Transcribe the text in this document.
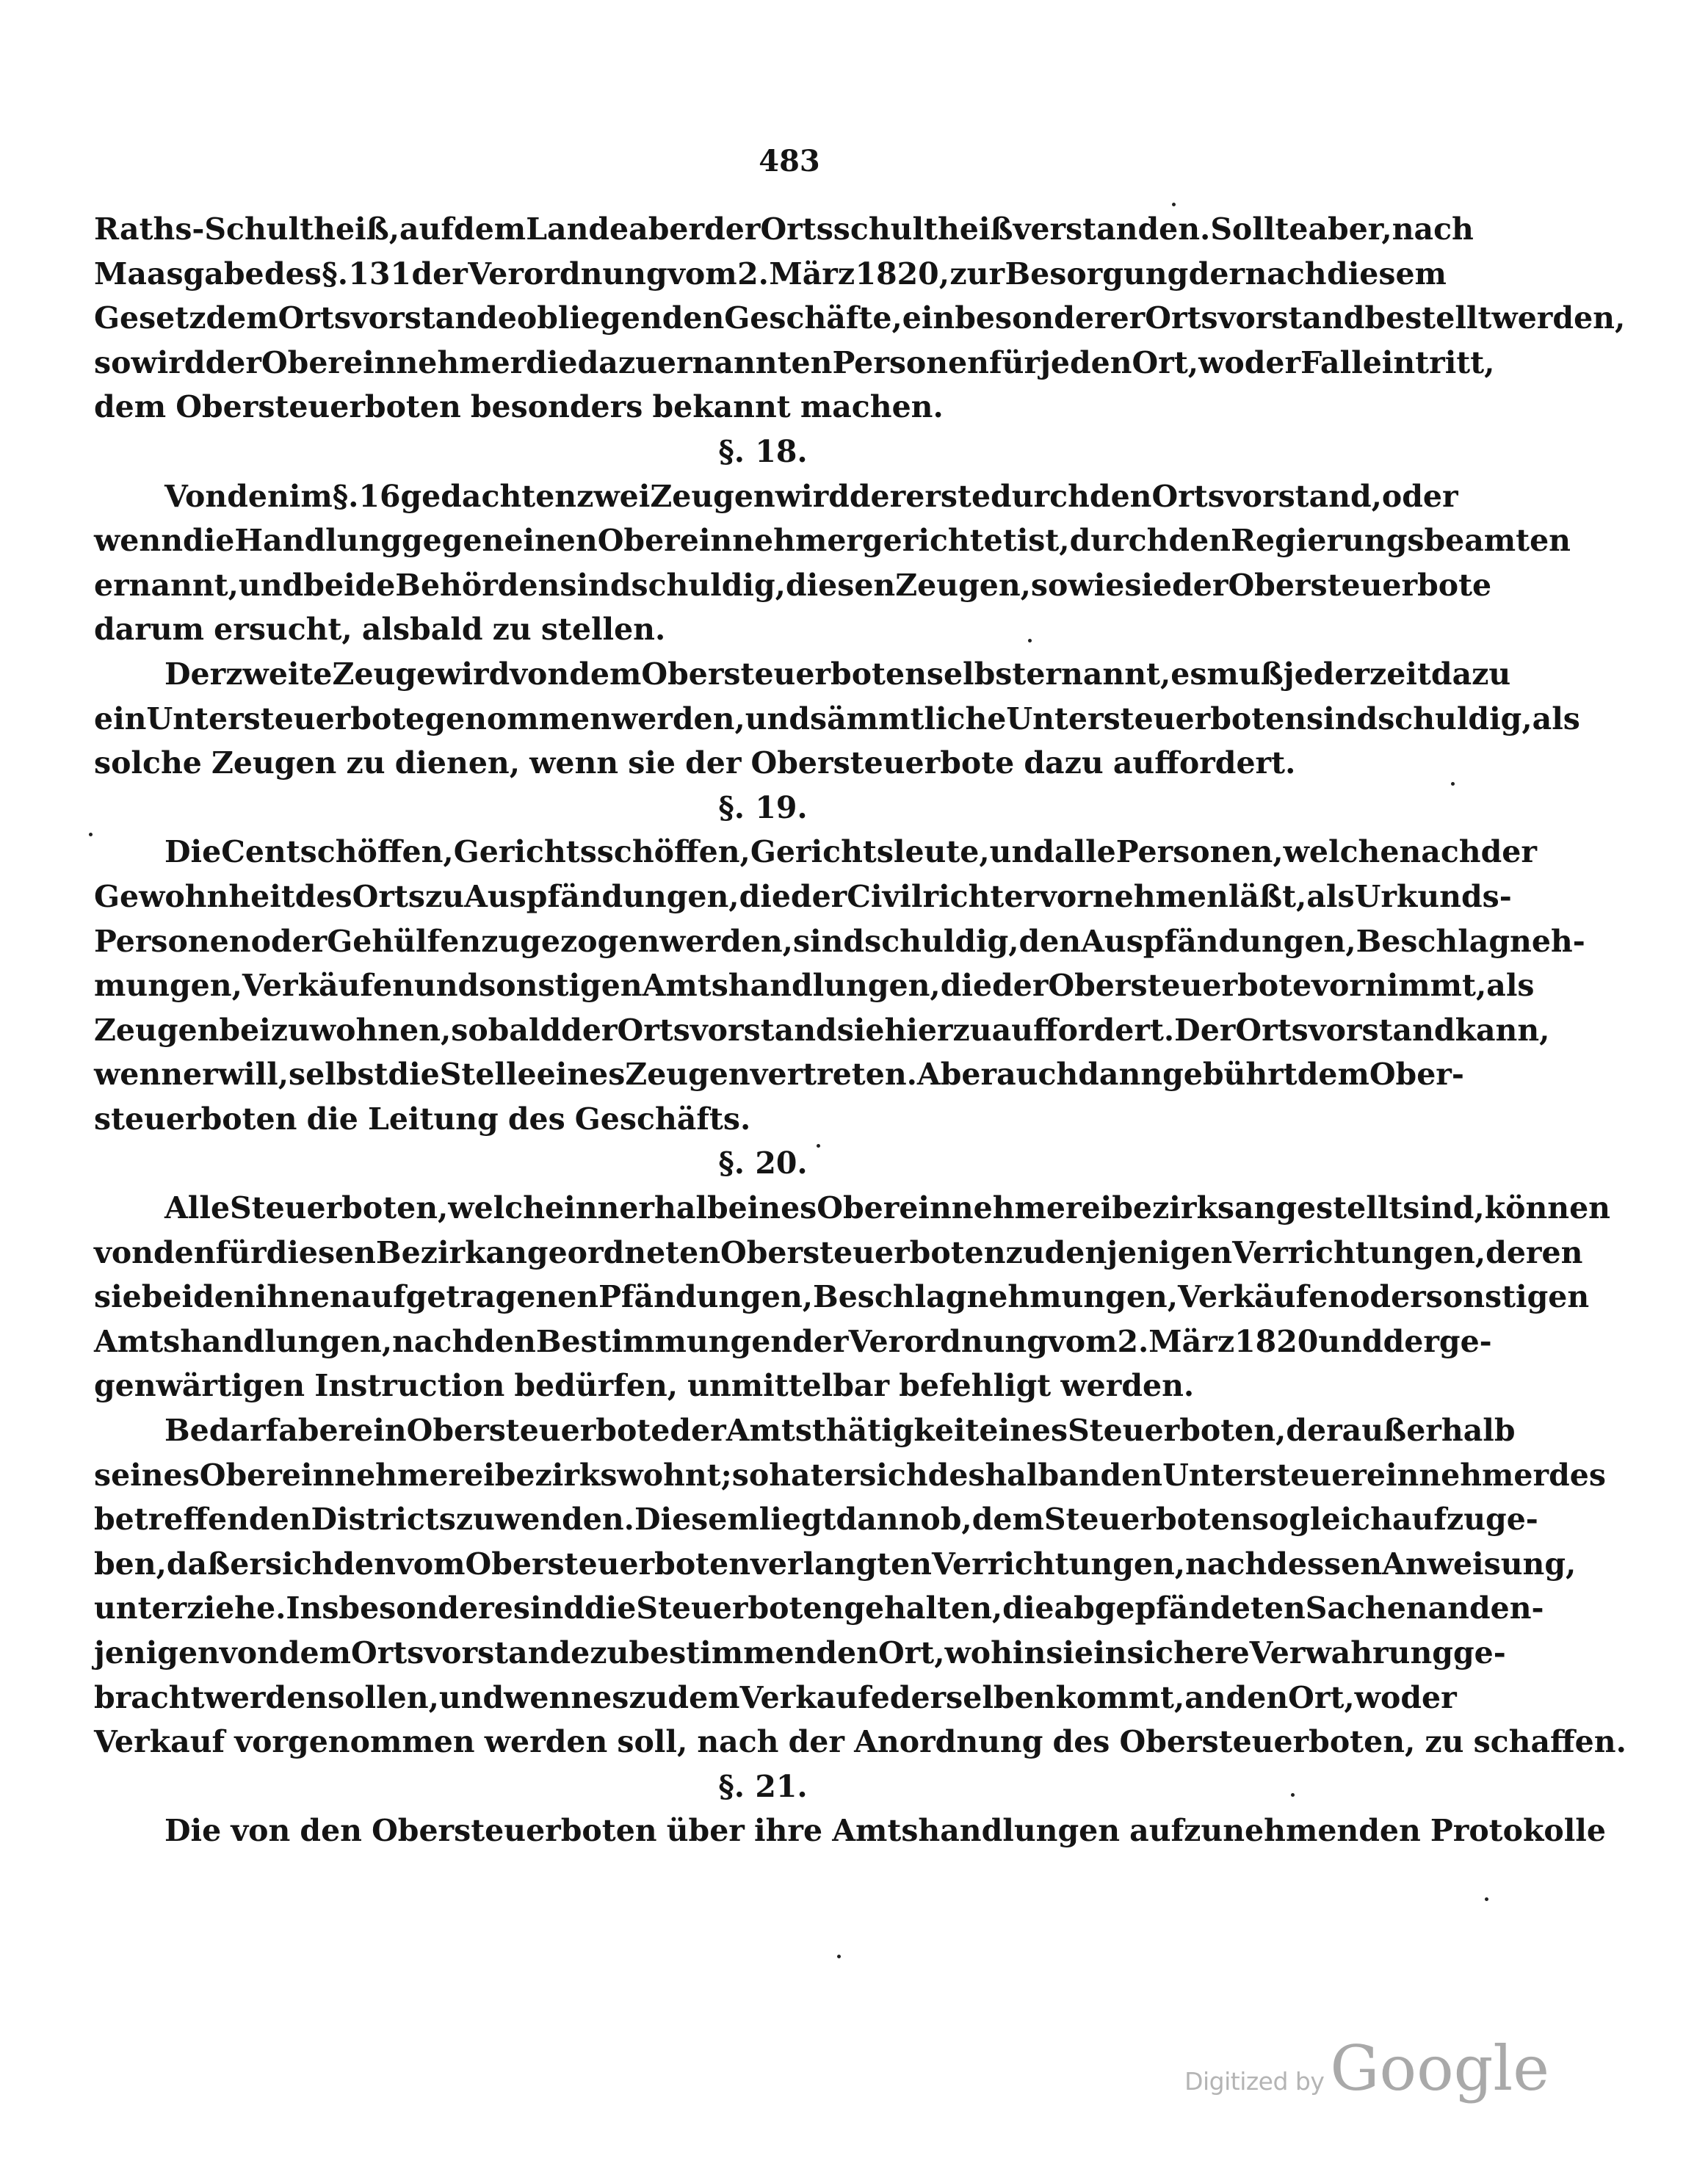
483
Raths-Schultheiß, auf dem Lande aber der Ortsschultheiß verstanden. Sollte aber, nach
Maasgabe des §. 131 der Verordnung vom 2. März 1820, zur Besorgung der nach diesem
Gesetz dem Ortsvorstande obliegenden Geschäfte, ein besonderer Ortsvorstand bestellt werden,
so wird der Obereinnehmer die dazu ernannten Personen für jeden Ort, wo der Fall eintritt,
dem Obersteuerboten besonders bekannt machen.
§. 18.
Von den im §. 16 gedachten zwei Zeugen wird der erste durch den Ortsvorstand, oder
wenn die Handlung gegen einen Obereinnehmer gerichtet ist, durch den Regierungsbeamten
ernannt, und beide Behörden sind schuldig, diesen Zeugen, so wie sie der Obersteuerbote
darum ersucht, alsbald zu stellen.
Der zweite Zeuge wird von dem Obersteuerboten selbst ernannt, es muß jederzeit dazu
ein Untersteuerbote genommen werden, und sämmtliche Untersteuerboten sind schuldig, als
solche Zeugen zu dienen, wenn sie der Obersteuerbote dazu auffordert.
§. 19.
Die Centschöffen, Gerichtsschöffen, Gerichtsleute, und alle Personen, welche nach der
Gewohnheit des Orts zu Auspfändungen, die der Civilrichter vornehmen läßt, als Urkunds-
Personen oder Gehülfen zugezogen werden, sind schuldig, den Auspfändungen, Beschlagneh-
mungen, Verkäufen und sonstigen Amtshandlungen, die der Obersteuerbote vornimmt, als
Zeugen beizuwohnen, sobald der Ortsvorstand sie hierzu auffordert. Der Ortsvorstand kann,
wenn er will, selbst die Stelle eines Zeugen vertreten. Aber auch dann gebührt dem Ober-
steuerboten die Leitung des Geschäfts.
§. 20.
Alle Steuerboten, welche innerhalb eines Obereinnehmereibezirks angestellt sind, können
von den für diesen Bezirk angeordneten Obersteuerboten zu denjenigen Verrichtungen, deren
sie bei den ihnen aufgetragenen Pfändungen, Beschlagnehmungen, Verkäufen oder sonstigen
Amtshandlungen, nach den Bestimmungen der Verordnung vom 2. März 1820 und der ge-
genwärtigen Instruction bedürfen, unmittelbar befehligt werden.
Bedarf aber ein Obersteuerbote der Amtsthätigkeit eines Steuerboten, der außerhalb
seines Obereinnehmereibezirks wohnt; so hat er sich deshalb an den Untersteuereinnehmer des
betreffenden Districts zu wenden. Diesem liegt dann ob, dem Steuerboten sogleich aufzuge-
ben, daß er sich den vom Obersteuerboten verlangten Verrichtungen, nach dessen Anweisung,
unterziehe. Insbesondere sind die Steuerboten gehalten, die abgepfändeten Sachen an den-
jenigen von dem Ortsvorstande zu bestimmenden Ort, wohin sie in sichere Verwahrung ge-
bracht werden sollen, und wenn es zu dem Verkaufe derselben kommt, an den Ort, wo der
Verkauf vorgenommen werden soll, nach der Anordnung des Obersteuerboten, zu schaffen.
§. 21.
Die von den Obersteuerboten über ihre Amtshandlungen aufzunehmenden Protokolle
Digitized byGoogle
